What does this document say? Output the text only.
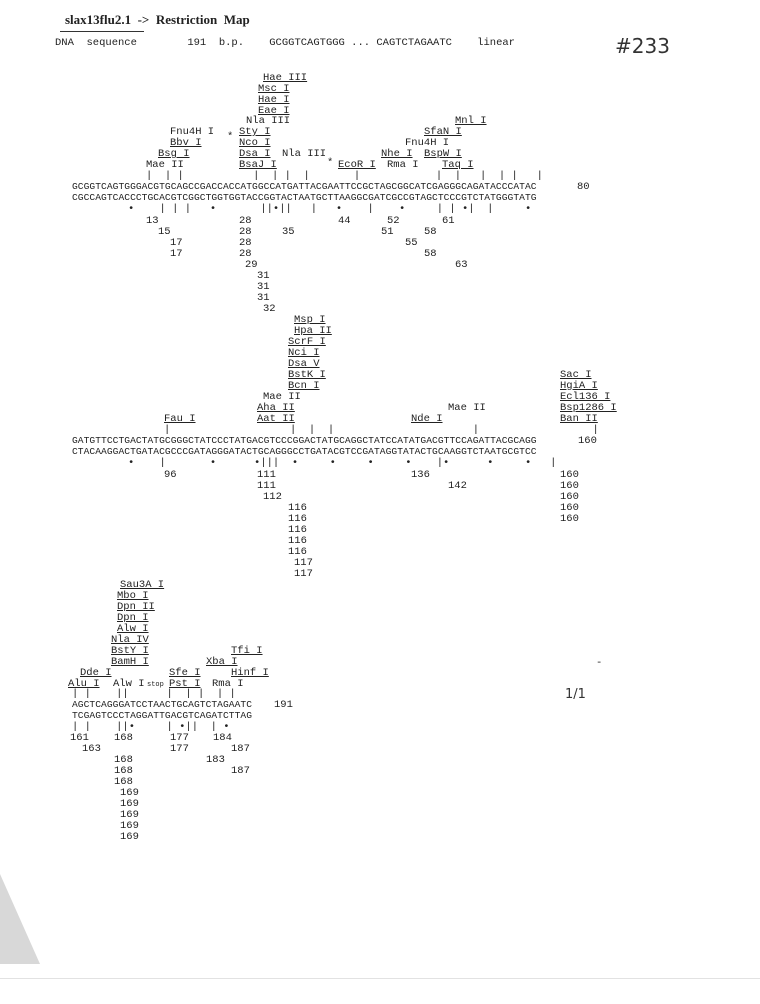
slax13flu2.1  ->  Restriction  Map
DNA  sequence        191  b.p.    GCGGTCAGTGGG ... CAGTCTAGAATC    linear	#233
Hae III
Msc I
Hae I
Eae I
Nla III	Mnl I
Fnu4H I Sty I	SfaN I
Bbv I	Nco I	Fnu4H I
Bsg I	Dsa I Nla III	Nhe I BspW I
Mae II	BsaJ I	EcoR I Rma I Taq I
*
*
|  | |           |  | |  |       |            |  |   |  | |   |
GCGGTCAGTGGGACGTGCAGCCGACCACCATGGCCATGATTACGAATTCCGCTAGCGGCATCGAGGGCAGATACCCATAC	80
CGCCAGTCACCCTGCACGTCGGCTGGTGGTACCGGTACTAATGCTTAAGGCGATCGCCGTAGCTCCCGTCTATGGGTATG
•    | | |   •       ||•||   |   •    |    •     | | •|  |     •
13
15
17
17
28
28
28
28
29
31
31
31
32
35
44	52
51
55
58
58
61
63
Msp I
Hpa II
ScrF I
Nci I
Dsa V
BstK I
Bcn I
Mae II
Aha II
Aat II
Fau I	Nde I
Mae II
Sac I
HgiA I
Ecl136 I
Bsp1286 I
Ban II
|                   |  |  |                      |                  |
GATGTTCCTGACTATGCGGGCTATCCCTATGACGTCCCGGACTATGCAGGCTATCCATATGACGTTCCAGATTACGCAGG	160
CTACAAGGACTGATACGCCCGATAGGGATACTGCAGGGCCTGATACGTCCGATAGGTATACTGCAAGGTCTAATGCGTCC
•    |       •      •|||  •     •     •     •    |•      •     •   |
96	111
111
112
116
116
116
116
116
117
117
136
142
160
160
160
160
160
Sau3A I
Mbo I
Dpn II
Dpn I
Alw I
Nla IV
BstY I
BamH I
Tfi I
Xba I
Dde I	Sfe I	Hinf I
Alu I Alw I Pst I Rma I
stop
| |    ||      |  | |  | |
AGCTCAGGGATCCTAACTGCAGTCTAGAATC 191
TCGAGTCCCTAGGATTGACGTCAGATCTTAG
| |    ||•     | •||  | •
161
163
168
168
168
168
169
169
169
169
169
177
177
183
184
187
187
1/1
-
